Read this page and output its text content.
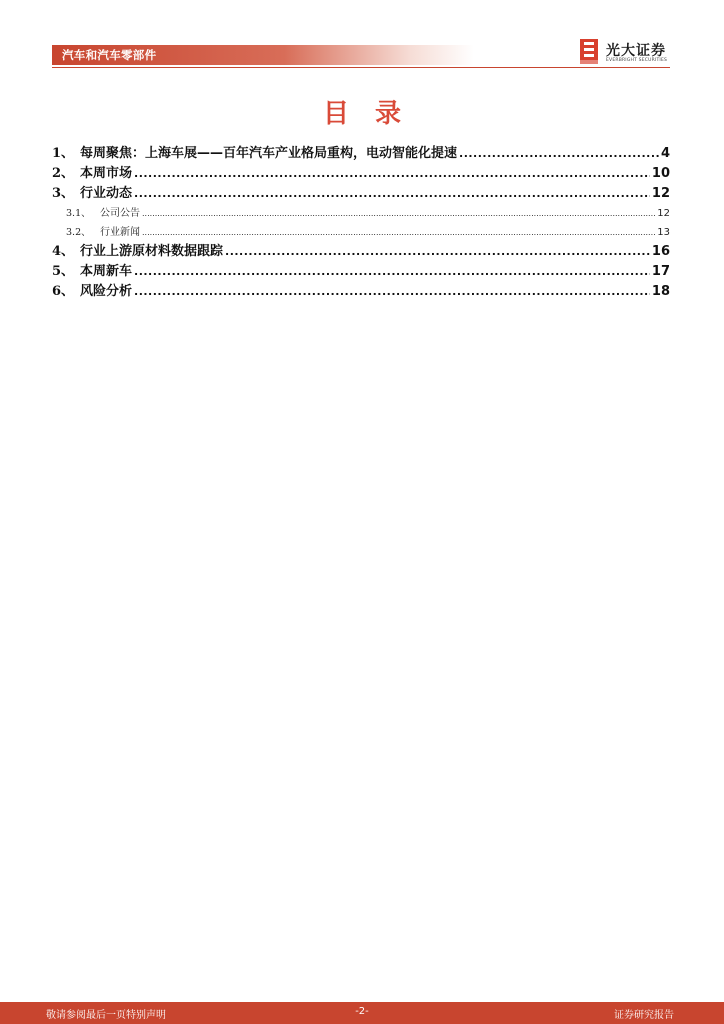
汽车和汽车零部件	光大证券
EVERBRIGHT SECURITIES
目录
1、 每周聚焦：上海车展——百年汽车产业格局重构，电动智能化提速 .....	4
2、 本周市场 .....	10
3、 行业动态 .....	12
3.1、 公司公告 .....	12
3.2、 行业新闻 .....	13
4、 行业上游原材料数据跟踪 .....	16
5、 本周新车 .....	17
6、 风险分析 .....	18
敬请参阅最后一页特别声明	-2-	证券研究报告
